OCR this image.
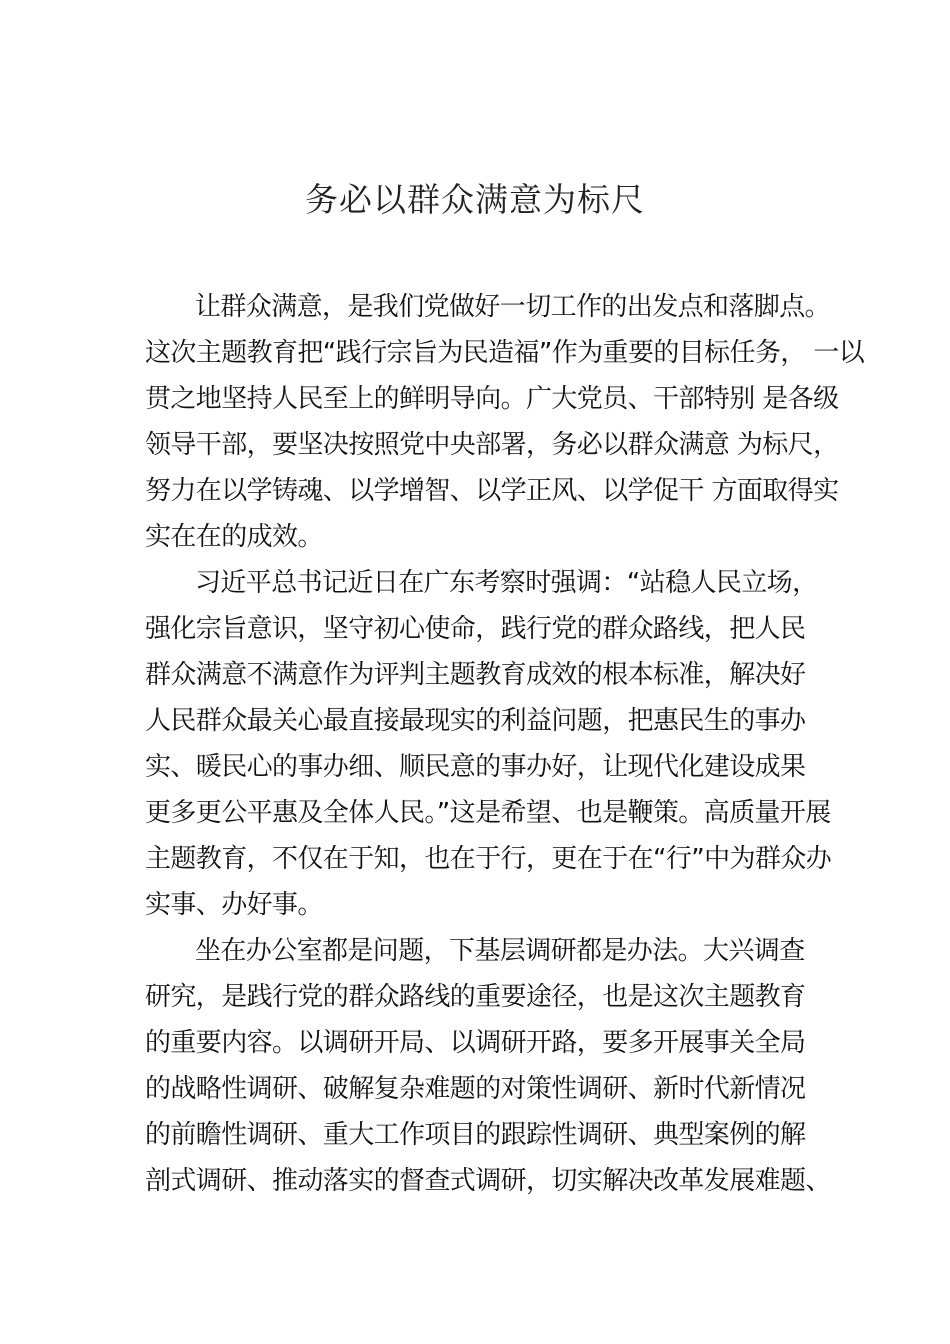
务必以群众满意为标尺
让群众满意，是我们党做好一切工作的出发点和落脚点。
这次主题教育把“践行宗旨为民造福”作为重要的目标任务， 一以
贯之地坚持人民至上的鲜明导向。广大党员、干部特别 是各级
领导干部，要坚决按照党中央部署，务必以群众满意 为标尺，
努力在以学铸魂、以学增智、以学正风、以学促干 方面取得实
实在在的成效。
习近平总书记近日在广东考察时强调：“站稳人民立场，
强化宗旨意识，坚守初心使命，践行党的群众路线，把人民
群众满意不满意作为评判主题教育成效的根本标准，解决好
人民群众最关心最直接最现实的利益问题，把惠民生的事办
实、暖民心的事办细、顺民意的事办好，让现代化建设成果
更多更公平惠及全体人民。”这是希望、也是鞭策。高质量开展
主题教育，不仅在于知，也在于行，更在于在“行”中为群众办
实事、办好事。
坐在办公室都是问题，下基层调研都是办法。大兴调查
研究，是践行党的群众路线的重要途径，也是这次主题教育
的重要内容。以调研开局、以调研开路，要多开展事关全局
的战略性调研、破解复杂难题的对策性调研、新时代新情况
的前瞻性调研、重大工作项目的跟踪性调研、典型案例的解
剖式调研、推动落实的督查式调研，切实解决改革发展难题、
